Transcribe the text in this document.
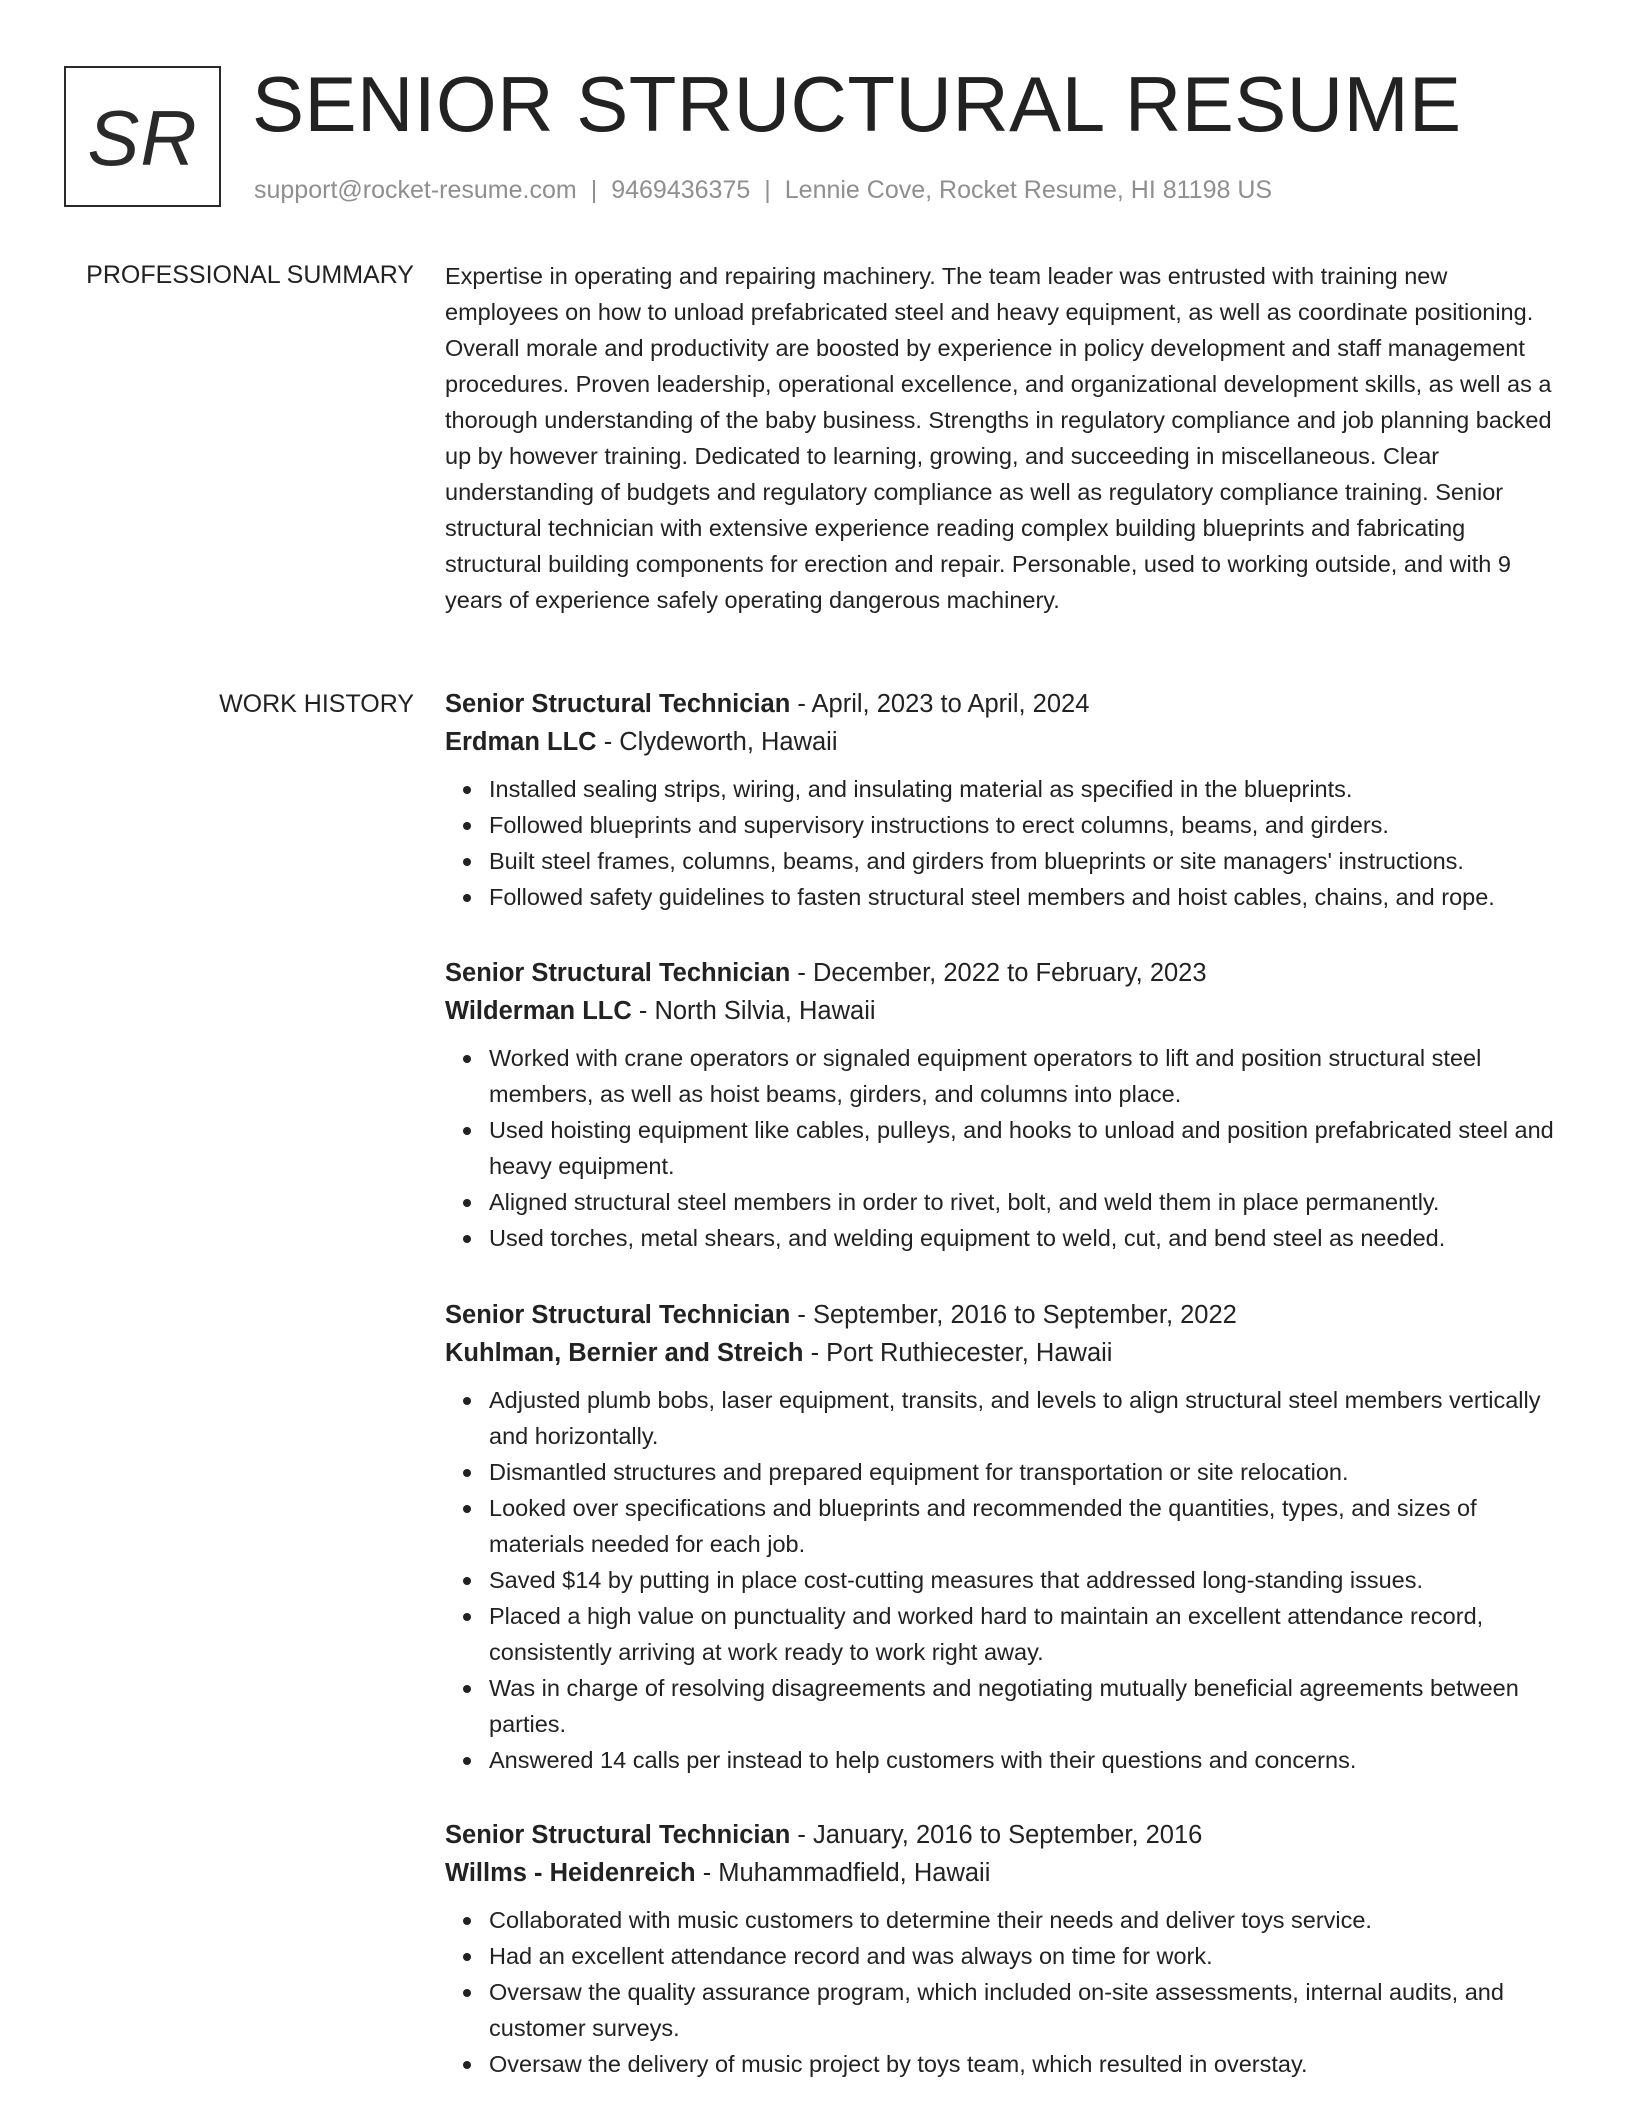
SR SENIOR STRUCTURAL RESUME
support@rocket-resume.com | 9469436375 | Lennie Cove, Rocket Resume, HI 81198 US
PROFESSIONAL SUMMARY Expertise in operating and repairing machinery. The team leader was entrusted with training new employees on how to unload prefabricated steel and heavy equipment, as well as coordinate positioning. Overall morale and productivity are boosted by experience in policy development and staff management procedures. Proven leadership, operational excellence, and organizational development skills, as well as a thorough understanding of the baby business. Strengths in regulatory compliance and job planning backed up by however training. Dedicated to learning, growing, and succeeding in miscellaneous. Clear understanding of budgets and regulatory compliance as well as regulatory compliance training. Senior structural technician with extensive experience reading complex building blueprints and fabricating structural building components for erection and repair. Personable, used to working outside, and with 9 years of experience safely operating dangerous machinery.

WORK HISTORY Senior Structural Technician - April, 2023 to April, 2024
Erdman LLC - Clydeworth, Hawaii
Installed sealing strips, wiring, and insulating material as specified in the blueprints.
Followed blueprints and supervisory instructions to erect columns, beams, and girders.
Built steel frames, columns, beams, and girders from blueprints or site managers' instructions.
Followed safety guidelines to fasten structural steel members and hoist cables, chains, and rope.
Senior Structural Technician - December, 2022 to February, 2023
Wilderman LLC - North Silvia, Hawaii
Worked with crane operators or signaled equipment operators to lift and position structural steel members, as well as hoist beams, girders, and columns into place.
Used hoisting equipment like cables, pulleys, and hooks to unload and position prefabricated steel and heavy equipment.
Aligned structural steel members in order to rivet, bolt, and weld them in place permanently.
Used torches, metal shears, and welding equipment to weld, cut, and bend steel as needed.
Senior Structural Technician - September, 2016 to September, 2022
Kuhlman, Bernier and Streich - Port Ruthiecester, Hawaii
Adjusted plumb bobs, laser equipment, transits, and levels to align structural steel members vertically and horizontally.
Dismantled structures and prepared equipment for transportation or site relocation.
Looked over specifications and blueprints and recommended the quantities, types, and sizes of materials needed for each job.
Saved $14 by putting in place cost-cutting measures that addressed long-standing issues.
Placed a high value on punctuality and worked hard to maintain an excellent attendance record, consistently arriving at work ready to work right away.
Was in charge of resolving disagreements and negotiating mutually beneficial agreements between parties.
Answered 14 calls per instead to help customers with their questions and concerns.
Senior Structural Technician - January, 2016 to September, 2016
Willms - Heidenreich - Muhammadfield, Hawaii
Collaborated with music customers to determine their needs and deliver toys service.
Had an excellent attendance record and was always on time for work.
Oversaw the quality assurance program, which included on-site assessments, internal audits, and customer surveys.
Oversaw the delivery of music project by toys team, which resulted in overstay.
